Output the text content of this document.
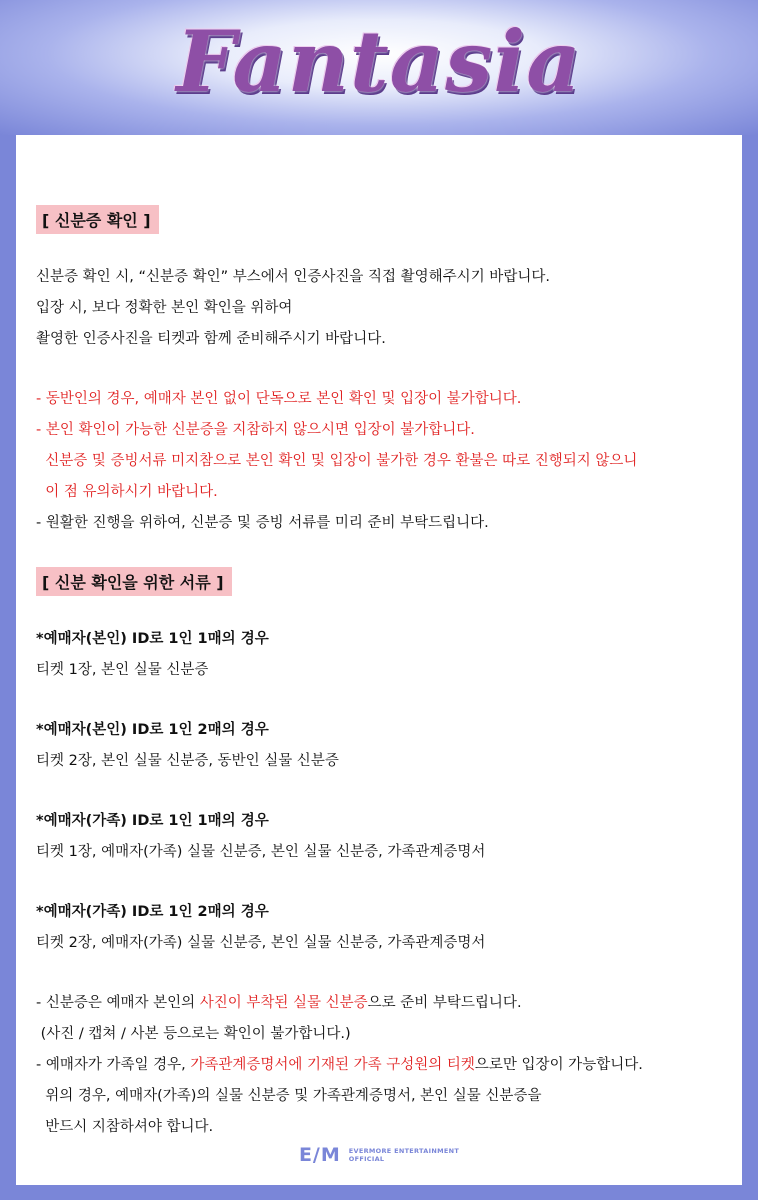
Fantasia
[ 신분증 확인 ]
신분증 확인 시, “신분증 확인” 부스에서 인증사진을 직접 촬영해주시기 바랍니다.
입장 시, 보다 정확한 본인 확인을 위하여
촬영한 인증사진을 티켓과 함께 준비해주시기 바랍니다.
- 동반인의 경우, 예매자 본인 없이 단독으로 본인 확인 및 입장이 불가합니다.
- 본인 확인이 가능한 신분증을 지참하지 않으시면 입장이 불가합니다.
신분증 및 증빙서류 미지참으로 본인 확인 및 입장이 불가한 경우 환불은 따로 진행되지 않으니
이 점 유의하시기 바랍니다.
- 원활한 진행을 위하여, 신분증 및 증빙 서류를 미리 준비 부탁드립니다.
[ 신분 확인을 위한 서류 ]
*예매자(본인) ID로 1인 1매의 경우
티켓 1장, 본인 실물 신분증
*예매자(본인) ID로 1인 2매의 경우
티켓 2장, 본인 실물 신분증, 동반인 실물 신분증
*예매자(가족) ID로 1인 1매의 경우
티켓 1장, 예매자(가족) 실물 신분증, 본인 실물 신분증, 가족관계증명서
*예매자(가족) ID로 1인 2매의 경우
티켓 2장, 예매자(가족) 실물 신분증, 본인 실물 신분증, 가족관계증명서
- 신분증은 예매자 본인의 사진이 부착된 실물 신분증으로 준비 부탁드립니다.
(사진 / 캡쳐 / 사본 등으로는 확인이 불가합니다.)
- 예매자가 가족일 경우, 가족관계증명서에 기재된 가족 구성원의 티켓으로만 입장이 가능합니다.
위의 경우, 예매자(가족)의 실물 신분증 및 가족관계증명서, 본인 실물 신분증을
반드시 지참하셔야 합니다.
E/M EVERMORE ENTERTAINMENT
OFFICIAL
